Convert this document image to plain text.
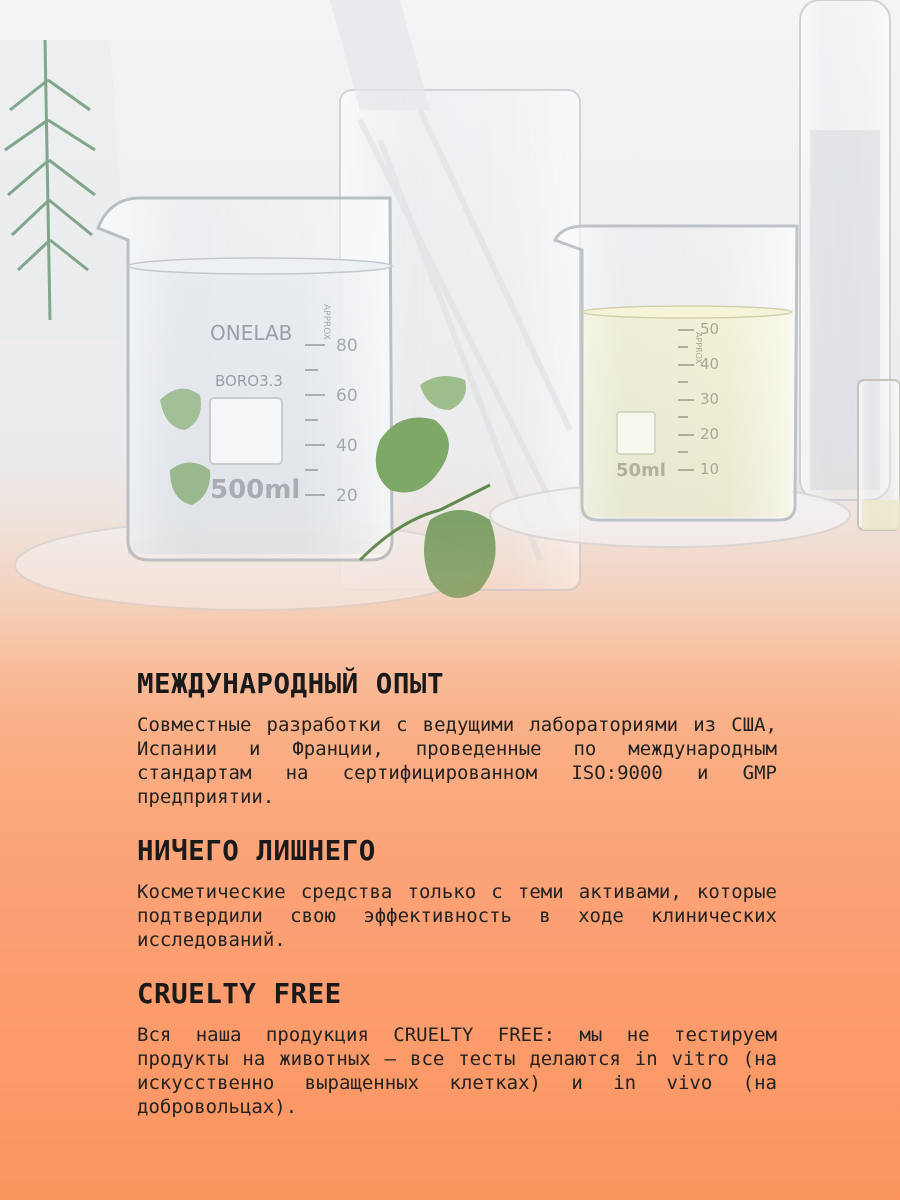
ONELAB
BORO3.3
500ml
APPROX
80
60
40
20
50ml
APPROX
50
40
30
20
10
МЕЖДУНАРОДНЫЙ ОПЫТ

Совместные разработки с ведущими лабораториями из США, Испании и Франции, проведенные по международным стандартам на сертифицированном ISO:9000 и GMP предприятии.

НИЧЕГО ЛИШНЕГО

Косметические средства только с теми активами, которые подтвердили свою эффективность в ходе клинических исследований.

CRUELTY FREE

Вся наша продукция CRUELTY FREE: мы не тестируем продукты на животных — все тесты делаются in vitro (на искусственно выращенных клетках) и in vivo (на добровольцах).
